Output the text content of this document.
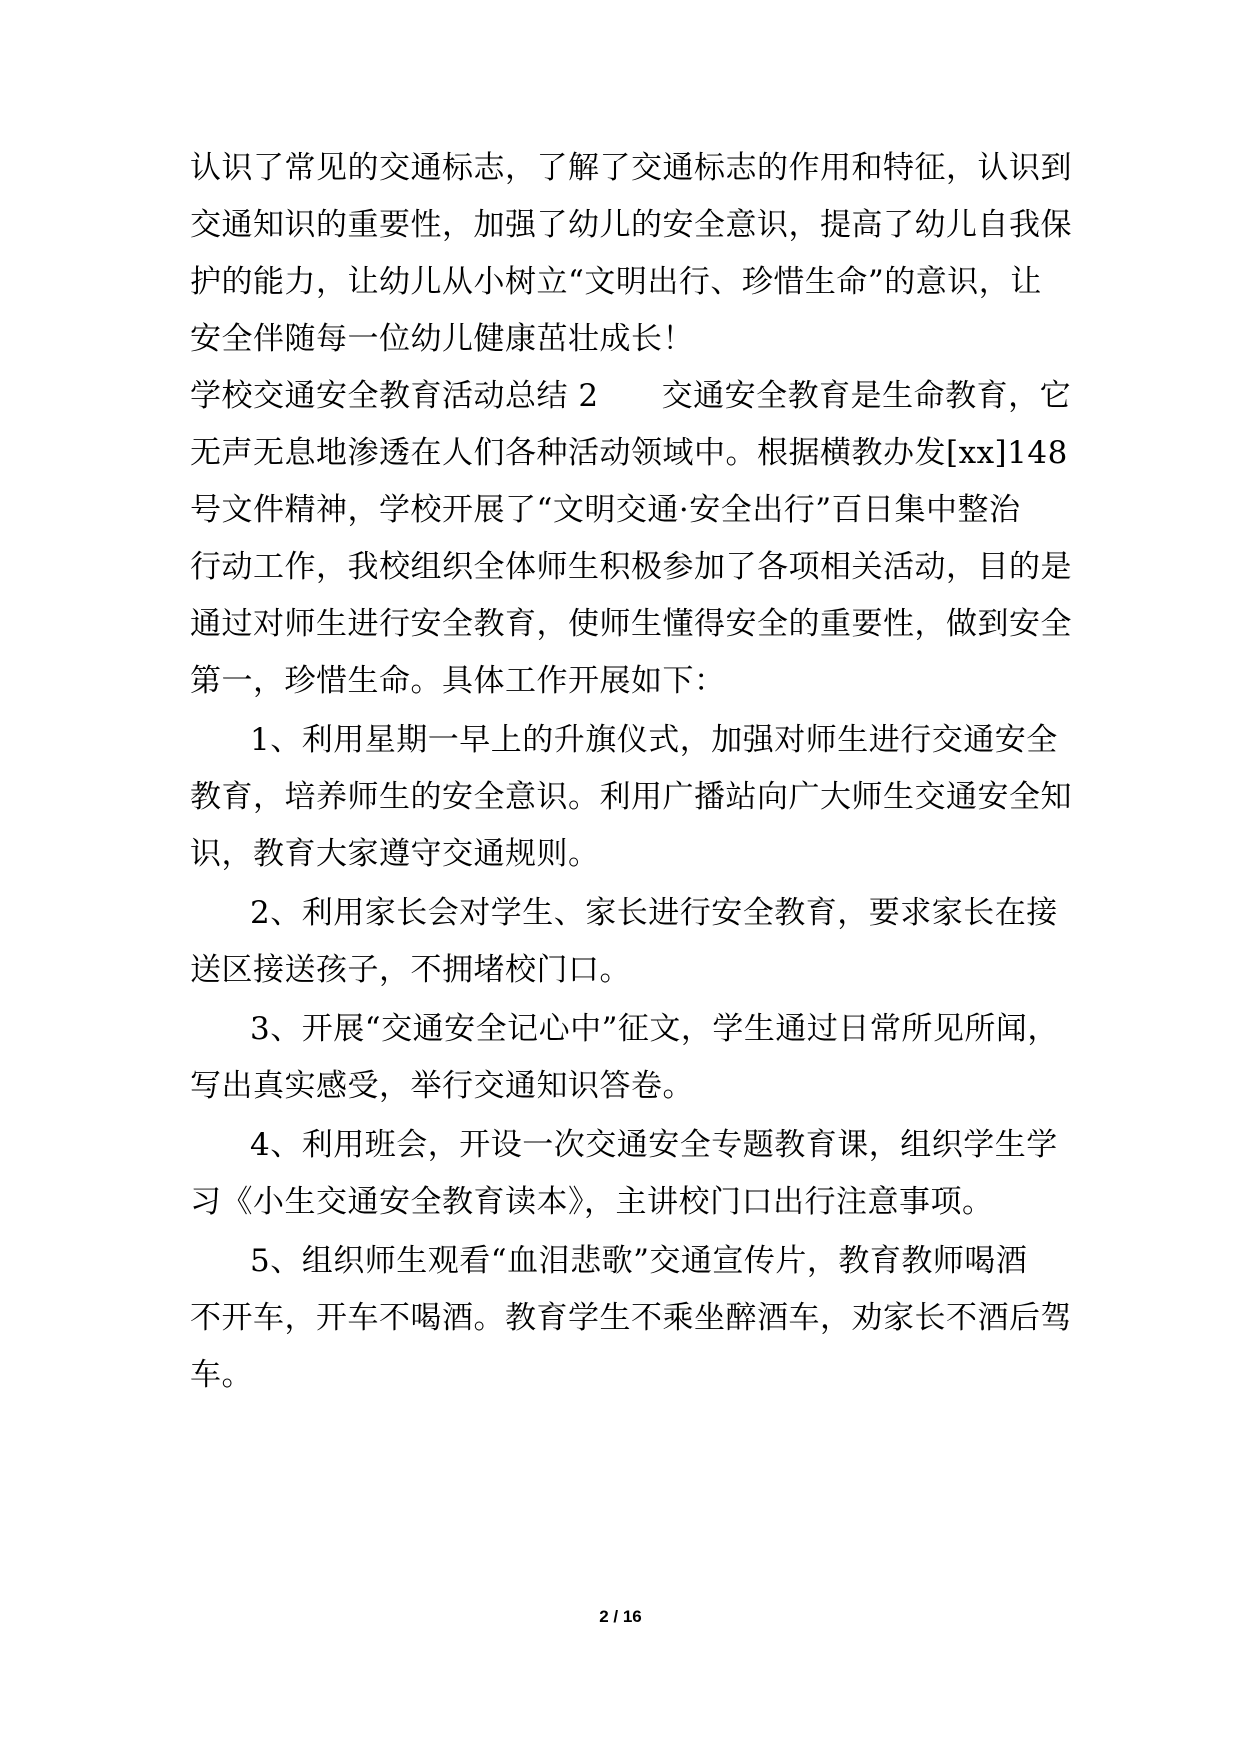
认识了常见的交通标志，了解了交通标志的作用和特征，认识到
交通知识的重要性，加强了幼儿的安全意识，提高了幼儿自我保
护的能力，让幼儿从小树立“文明出行、珍惜生命”的意识，让
安全伴随每一位幼儿健康茁壮成长！
学校交通安全教育活动总结 2　　交通安全教育是生命教育，它
无声无息地渗透在人们各种活动领域中。根据横教办发[xx]148
号文件精神，学校开展了“文明交通·安全出行”百日集中整治
行动工作，我校组织全体师生积极参加了各项相关活动，目的是
通过对师生进行安全教育，使师生懂得安全的重要性，做到安全
第一，珍惜生命。具体工作开展如下：
1、利用星期一早上的升旗仪式，加强对师生进行交通安全
教育，培养师生的安全意识。利用广播站向广大师生交通安全知
识，教育大家遵守交通规则。
2、利用家长会对学生、家长进行安全教育，要求家长在接
送区接送孩子，不拥堵校门口。
3、开展“交通安全记心中”征文，学生通过日常所见所闻，
写出真实感受，举行交通知识答卷。
4、利用班会，开设一次交通安全专题教育课，组织学生学
习《小生交通安全教育读本》，主讲校门口出行注意事项。
5、组织师生观看“血泪悲歌”交通宣传片，教育教师喝酒
不开车，开车不喝酒。教育学生不乘坐醉酒车，劝家长不酒后驾
车。
2 / 16
